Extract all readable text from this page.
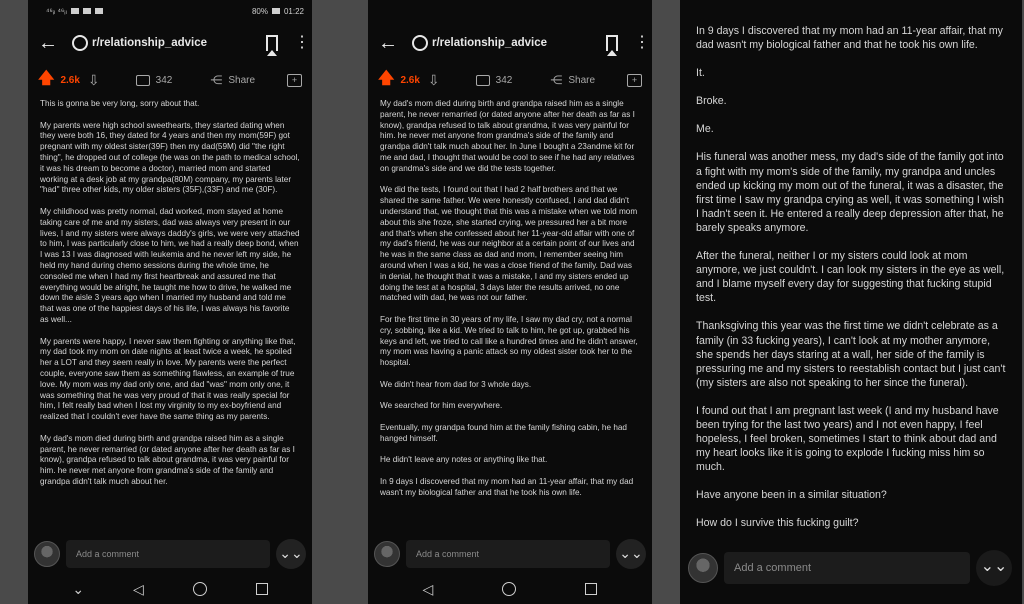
⁴⁶ᵢₗ ⁴⁶ᵢₗ	80% 01:22
←	r/relationship_advice	⋮
🡅 2.6k ⇩	342	⋲ Share	+

This is gonna be very long, sorry about that.

My parents were high school sweethearts, they started dating when they were both 16, they dated for 4 years and then my mom(59F) got pregnant with my oldest sister(39F) then my dad(59M) did "the right thing", he dropped out of college (he was on the path to medical school, it was his dream to become a doctor), married mom and started working at a desk job at my grandpa(80M) company, my parents later "had" three other kids, my older sisters (35F),(33F) and me (30F).

My childhood was pretty normal, dad worked, mom stayed at home taking care of me and my sisters, dad was always very present in our lives, I and my sisters were always daddy's girls, we were very attached to him, I was particularly close to him, we had a really deep bond, when I was 13 I was diagnosed with leukemia and he never left my side, he held my hand during chemo sessions during the whole time, he consoled me when I had my first heartbreak and assured me that everything would be alright, he taught me how to drive, he walked me down the aisle 3 years ago when I married my husband and told me that was one of the happiest days of his life, I was always his favorite as well...

My parents were happy, I never saw them fighting or anything like that, my dad took my mom on date nights at least twice a week, he spoiled her a LOT and they seem really in love. My parents were the perfect couple, everyone saw them as something flawless, an example of true love. My mom was my dad only one, and dad "was" mom only one, it was something that he was very proud of that it was really special for him, I felt really bad when I lost my virginity to my ex-boyfriend and realized that I couldn't ever have the same thing as my parents.

My dad's mom died during birth and grandpa raised him as a single parent, he never remarried (or dated anyone after her death as far as I know), grandpa refused to talk about grandma, it was very painful for him. he never met anyone from grandma's side of the family and grandpa didn't talk much about her.

Add a comment	⌄⌄
⌄	◁
←	r/relationship_advice	⋮
🡅 2.6k ⇩	342	⋲ Share	+

My dad's mom died during birth and grandpa raised him as a single parent, he never remarried (or dated anyone after her death as far as I know), grandpa refused to talk about grandma, it was very painful for him. he never met anyone from grandma's side of the family and grandpa didn't talk much about her. In June I bought a 23andme kit for me and dad, I thought that would be cool to see if he had any relatives on grandma's side and we did the tests together.

We did the tests, I found out that I had 2 half brothers and that we shared the same father. We were honestly confused, I and dad didn't understand that, we thought that this was a mistake when we told mom about this she froze, she started crying, we pressured her a bit more and that's when she confessed about her 11-year-old affair with one of my dad's friend, he was our neighbor at a certain point of our lives and he was in the same class as dad and mom, I remember seeing him around when I was a kid, he was a close friend of the family. Dad was in denial, he thought that it was a mistake, I and my sisters ended up doing the test at a hospital, 3 days later the results arrived, no one matched with dad, he was not our father.

For the first time in 30 years of my life, I saw my dad cry, not a normal cry, sobbing, like a kid. We tried to talk to him, he got up, grabbed his keys and left, we tried to call like a hundred times and he didn't answer, my mom was having a panic attack so my oldest sister took her to the hospital.

We didn't hear from dad for 3 whole days.

We searched for him everywhere.

Eventually, my grandpa found him at the family fishing cabin, he had hanged himself.

He didn't leave any notes or anything like that.

In 9 days I discovered that my mom had an 11-year affair, that my dad wasn't my biological father and that he took his own life.

Add a comment	⌄⌄
◁

In 9 days I discovered that my mom had an 11-year affair, that my dad wasn't my biological father and that he took his own life.

It.

Broke.

Me.

His funeral was another mess, my dad's side of the family got into a fight with my mom's side of the family, my grandpa and uncles ended up kicking my mom out of the funeral, it was a disaster, the first time I saw my grandpa crying as well, it was something I wish I hadn't seen it. He entered a really deep depression after that, he barely speaks anymore.

After the funeral, neither I or my sisters could look at mom anymore, we just couldn't. I can look my sisters in the eye as well, and I blame myself every day for suggesting that fucking stupid test.

Thanksgiving this year was the first time we didn't celebrate as a family (in 33 fucking years), I can't look at my mother anymore, she spends her days staring at a wall, her side of the family is pressuring me and my sisters to reestablish contact but I just can't (my sisters are also not speaking to her since the funeral).

I found out that I am pregnant last week (I and my husband have been trying for the last two years) and I not even happy, I feel hopeless, I feel broken, sometimes I start to think about dad and my heart looks like it is going to explode I fucking miss him so much.

Have anyone been in a similar situation?

How do I survive this fucking guilt?

Add a comment	⌄⌄
